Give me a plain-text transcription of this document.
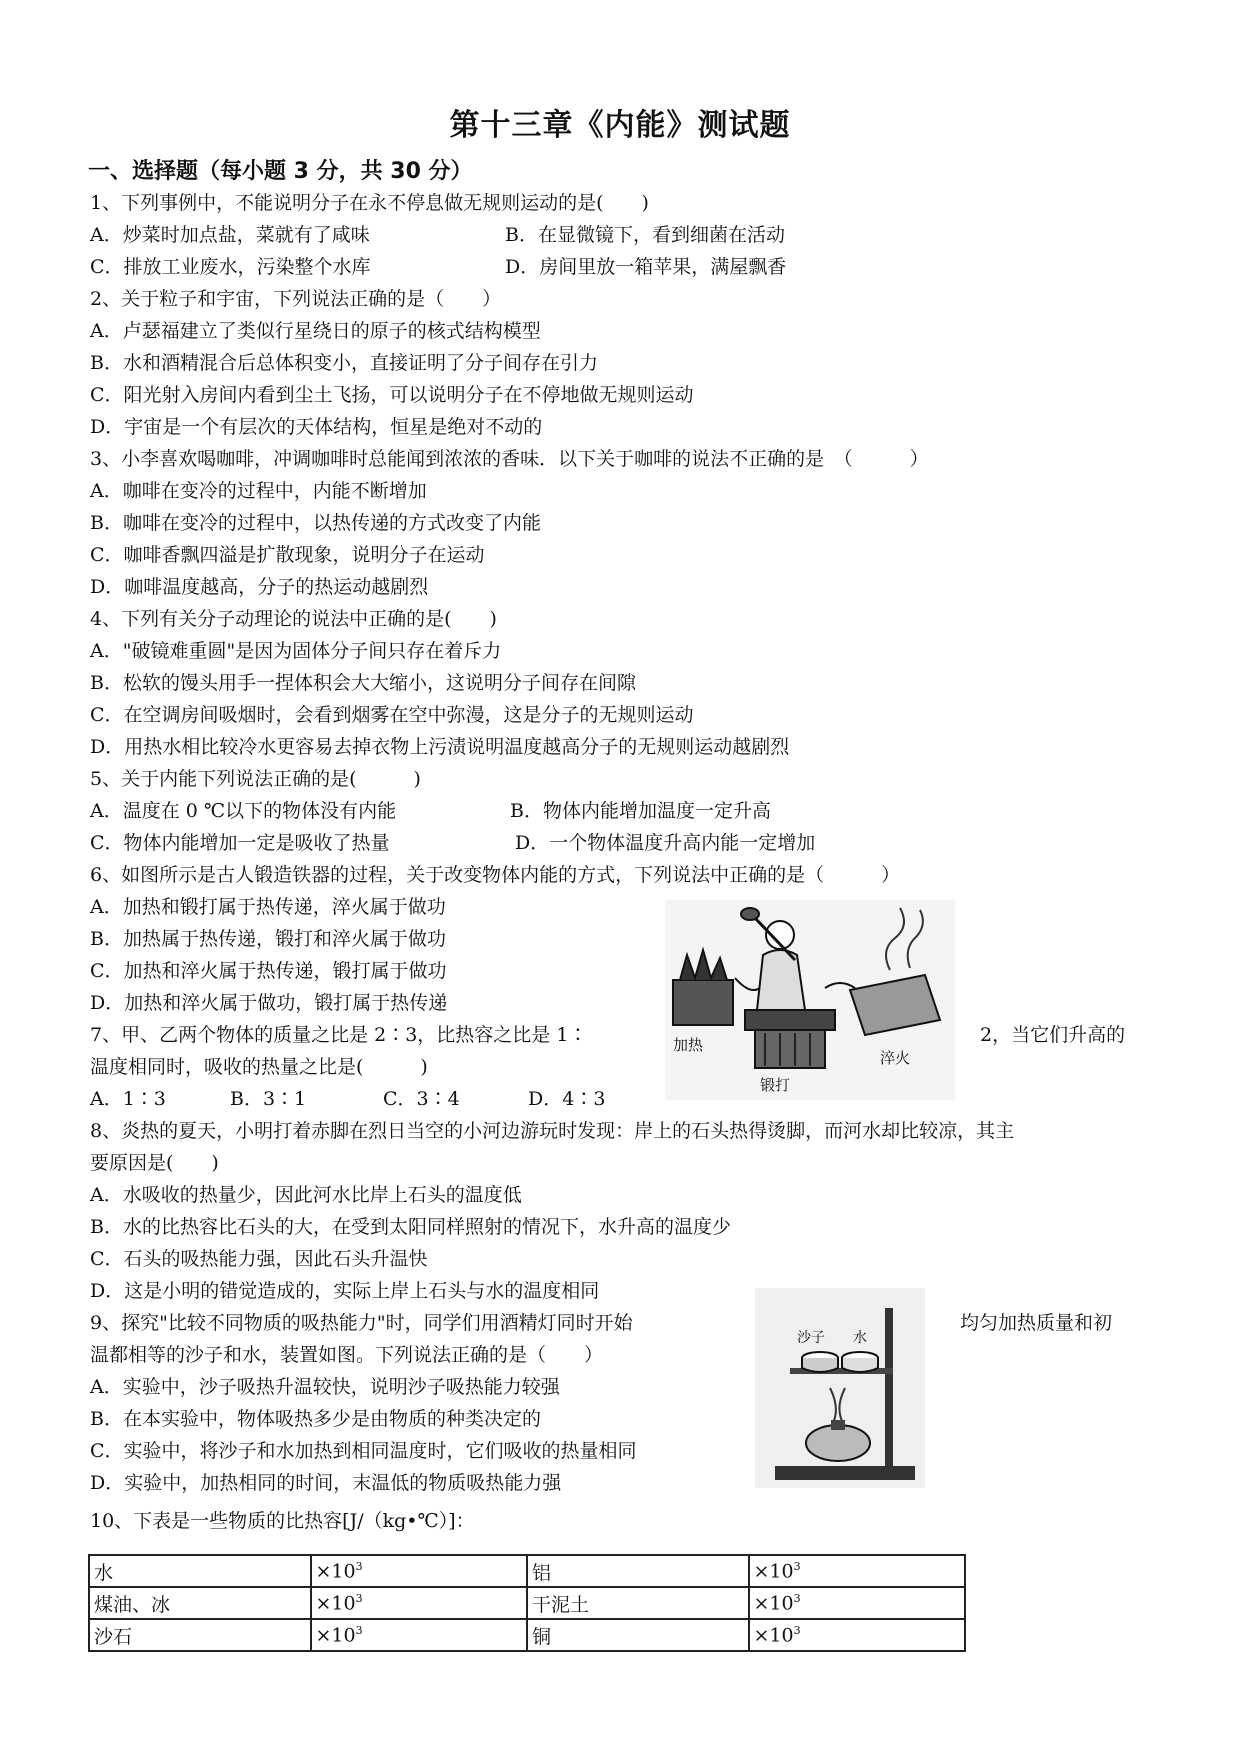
第十三章《内能》测试题
一、选择题（每小题 3 分，共 30 分）
1、下列事例中，不能说明分子在永不停息做无规则运动的是(　　)
A．炒菜时加点盐，菜就有了咸味	B．在显微镜下，看到细菌在活动
C．排放工业废水，污染整个水库	D．房间里放一箱苹果，满屋飘香
2、关于粒子和宇宙，下列说法正确的是（　　）
A．卢瑟福建立了类似行星绕日的原子的核式结构模型
B．水和酒精混合后总体积变小，直接证明了分子间存在引力
C．阳光射入房间内看到尘土飞扬，可以说明分子在不停地做无规则运动
D．宇宙是一个有层次的天体结构，恒星是绝对不动的
3、小李喜欢喝咖啡，冲调咖啡时总能闻到浓浓的香味．以下关于咖啡的说法不正确的是　（　　　）
A．咖啡在变冷的过程中，内能不断增加
B．咖啡在变冷的过程中，以热传递的方式改变了内能
C．咖啡香飘四溢是扩散现象，说明分子在运动
D．咖啡温度越高，分子的热运动越剧烈
4、下列有关分子动理论的说法中正确的是(　　)
A．"破镜难重圆"是因为固体分子间只存在着斥力
B．松软的馒头用手一捏体积会大大缩小，这说明分子间存在间隙
C．在空调房间吸烟时，会看到烟雾在空中弥漫，这是分子的无规则运动
D．用热水相比较冷水更容易去掉衣物上污渍说明温度越高分子的无规则运动越剧烈
5、关于内能下列说法正确的是(　　　)
A．温度在 0 ℃以下的物体没有内能	B．物体内能增加温度一定升高
C．物体内能增加一定是吸收了热量	D．一个物体温度升高内能一定增加
6、如图所示是古人锻造铁器的过程，关于改变物体内能的方式，下列说法中正确的是（　　　）
A．加热和锻打属于热传递，淬火属于做功
B．加热属于热传递，锻打和淬火属于做功
C．加热和淬火属于热传递，锻打属于做功
D．加热和淬火属于做功，锻打属于热传递
加热
锻打
淬火
7、甲、乙两个物体的质量之比是 2∶3，比热容之比是 1∶	2，当它们升高的
温度相同时，吸收的热量之比是(　　　)
A．1∶3	B．3∶1	C．3∶4	D．4∶3
8、炎热的夏天，小明打着赤脚在烈日当空的小河边游玩时发现：岸上的石头热得烫脚，而河水却比较凉，其主
要原因是(　　)
A．水吸收的热量少，因此河水比岸上石头的温度低
B．水的比热容比石头的大，在受到太阳同样照射的情况下，水升高的温度少
C．石头的吸热能力强，因此石头升温快
D．这是小明的错觉造成的，实际上岸上石头与水的温度相同
9、探究"比较不同物质的吸热能力"时，同学们用酒精灯同时开始	均匀加热质量和初
温都相等的沙子和水，装置如图。下列说法正确的是（　　）
A．实验中，沙子吸热升温较快，说明沙子吸热能力较强
B．在本实验中，物体吸热多少是由物质的种类决定的
C．实验中，将沙子和水加热到相同温度时，它们吸收的热量相同
D．实验中，加热相同的时间，末温低的物质吸热能力强
沙子 水
10、下表是一些物质的比热容[J/（kg•℃）]：
水	$\times 10^3$	铝	$\times 10^3$
煤油、冰	$\times 10^3$	干泥土	$\times 10^3$
沙石	$\times 10^3$	铜	$\times 10^3$
